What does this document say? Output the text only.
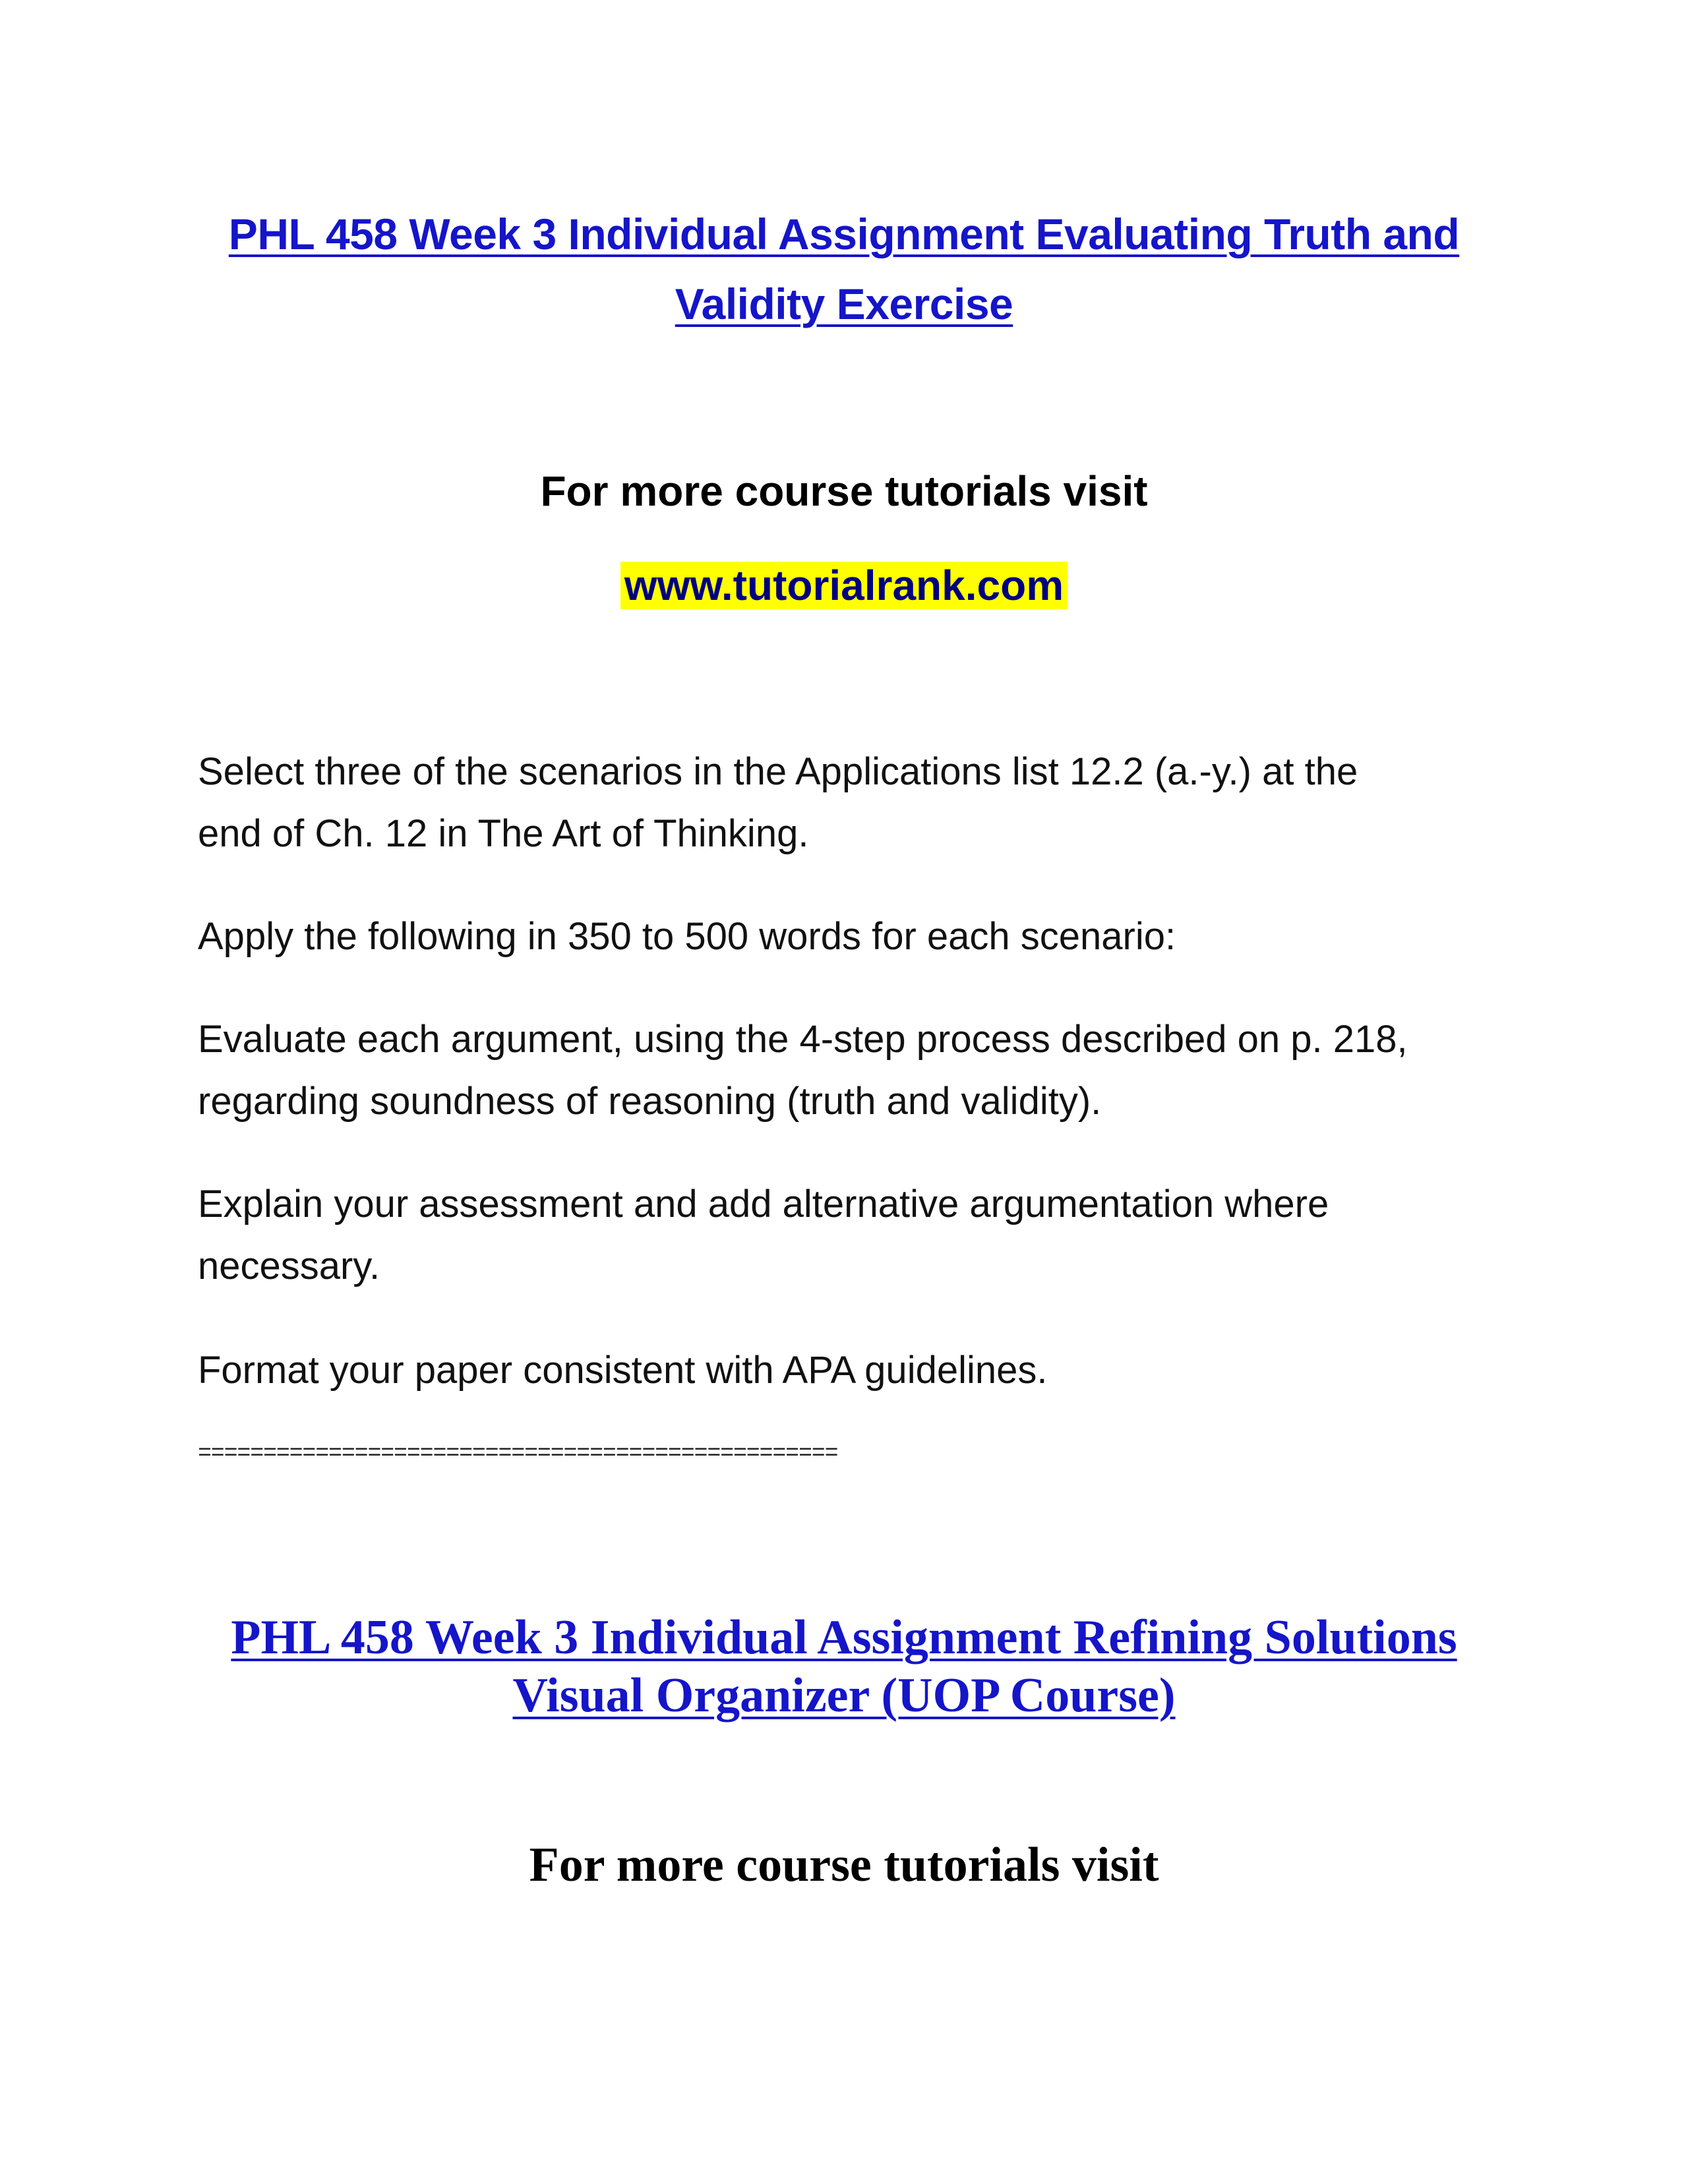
PHL 458 Week 3 Individual Assignment Evaluating Truth and
Validity Exercise

For more course tutorials visit

www.tutorialrank.com

Select three of the scenarios in the Applications list 12.2 (a.-y.) at the
end of Ch. 12 in The Art of Thinking.

Apply the following in 350 to 500 words for each scenario:

Evaluate each argument, using the 4-step process described on p. 218,
regarding soundness of reasoning (truth and validity).

Explain your assessment and add alternative argumentation where
necessary.

Format your paper consistent with APA guidelines.

=================================================

PHL 458 Week 3 Individual Assignment Refining Solutions
Visual Organizer (UOP Course)

For more course tutorials visit
